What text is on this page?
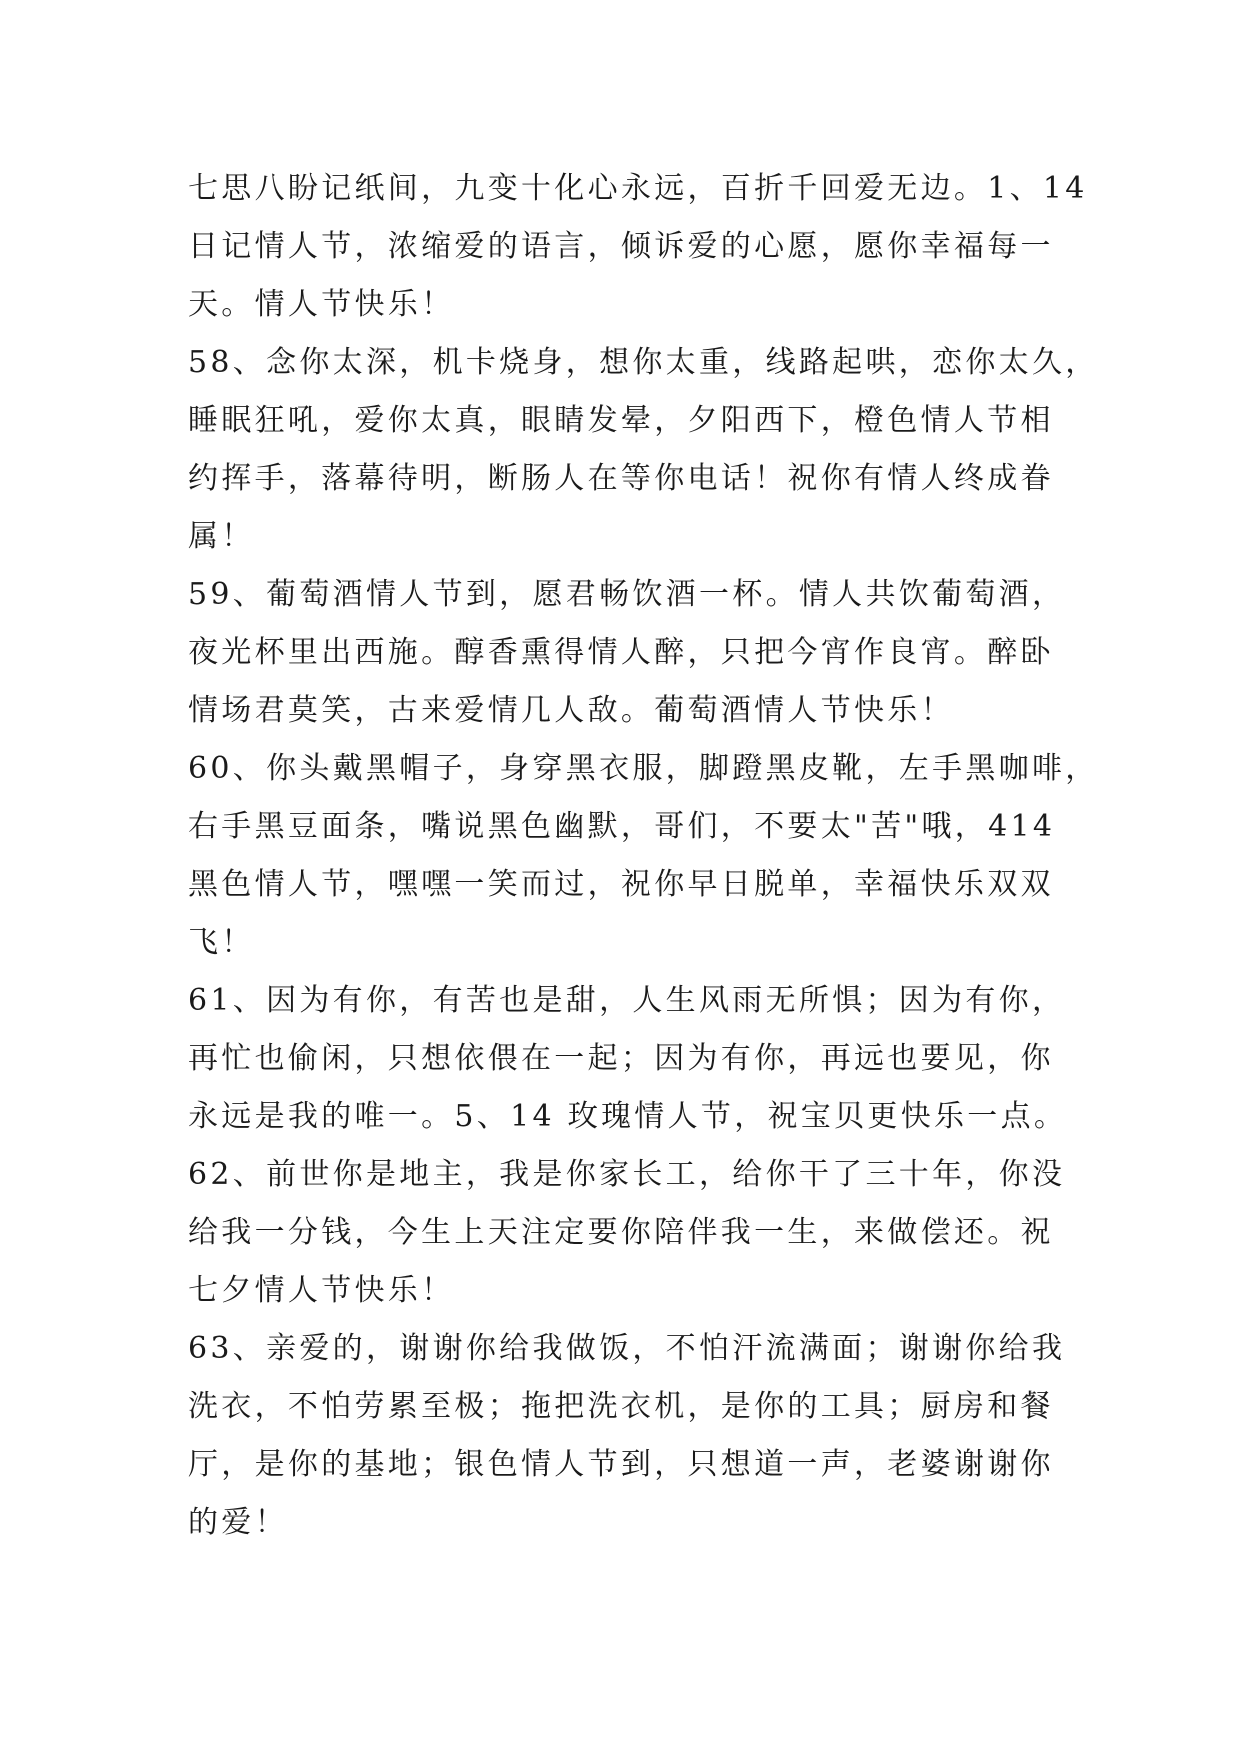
七思八盼记纸间，九变十化心永远，百折千回爱无边。1、14
日记情人节，浓缩爱的语言，倾诉爱的心愿，愿你幸福每一
天。情人节快乐！
58、念你太深，机卡烧身，想你太重，线路起哄，恋你太久，
睡眠狂吼，爱你太真，眼睛发晕，夕阳西下，橙色情人节相
约挥手，落幕待明，断肠人在等你电话！祝你有情人终成眷
属！
59、葡萄酒情人节到，愿君畅饮酒一杯。情人共饮葡萄酒，
夜光杯里出西施。醇香熏得情人醉，只把今宵作良宵。醉卧
情场君莫笑，古来爱情几人敌。葡萄酒情人节快乐！
60、你头戴黑帽子，身穿黑衣服，脚蹬黑皮靴，左手黑咖啡，
右手黑豆面条，嘴说黑色幽默，哥们，不要太"苦"哦，414
黑色情人节，嘿嘿一笑而过，祝你早日脱单，幸福快乐双双
飞！
61、因为有你，有苦也是甜，人生风雨无所惧；因为有你，
再忙也偷闲，只想依偎在一起；因为有你，再远也要见，你
永远是我的唯一。5、14 玫瑰情人节，祝宝贝更快乐一点。
62、前世你是地主，我是你家长工，给你干了三十年，你没
给我一分钱，今生上天注定要你陪伴我一生，来做偿还。祝
七夕情人节快乐！
63、亲爱的，谢谢你给我做饭，不怕汗流满面；谢谢你给我
洗衣，不怕劳累至极；拖把洗衣机，是你的工具；厨房和餐
厅，是你的基地；银色情人节到，只想道一声，老婆谢谢你
的爱！
